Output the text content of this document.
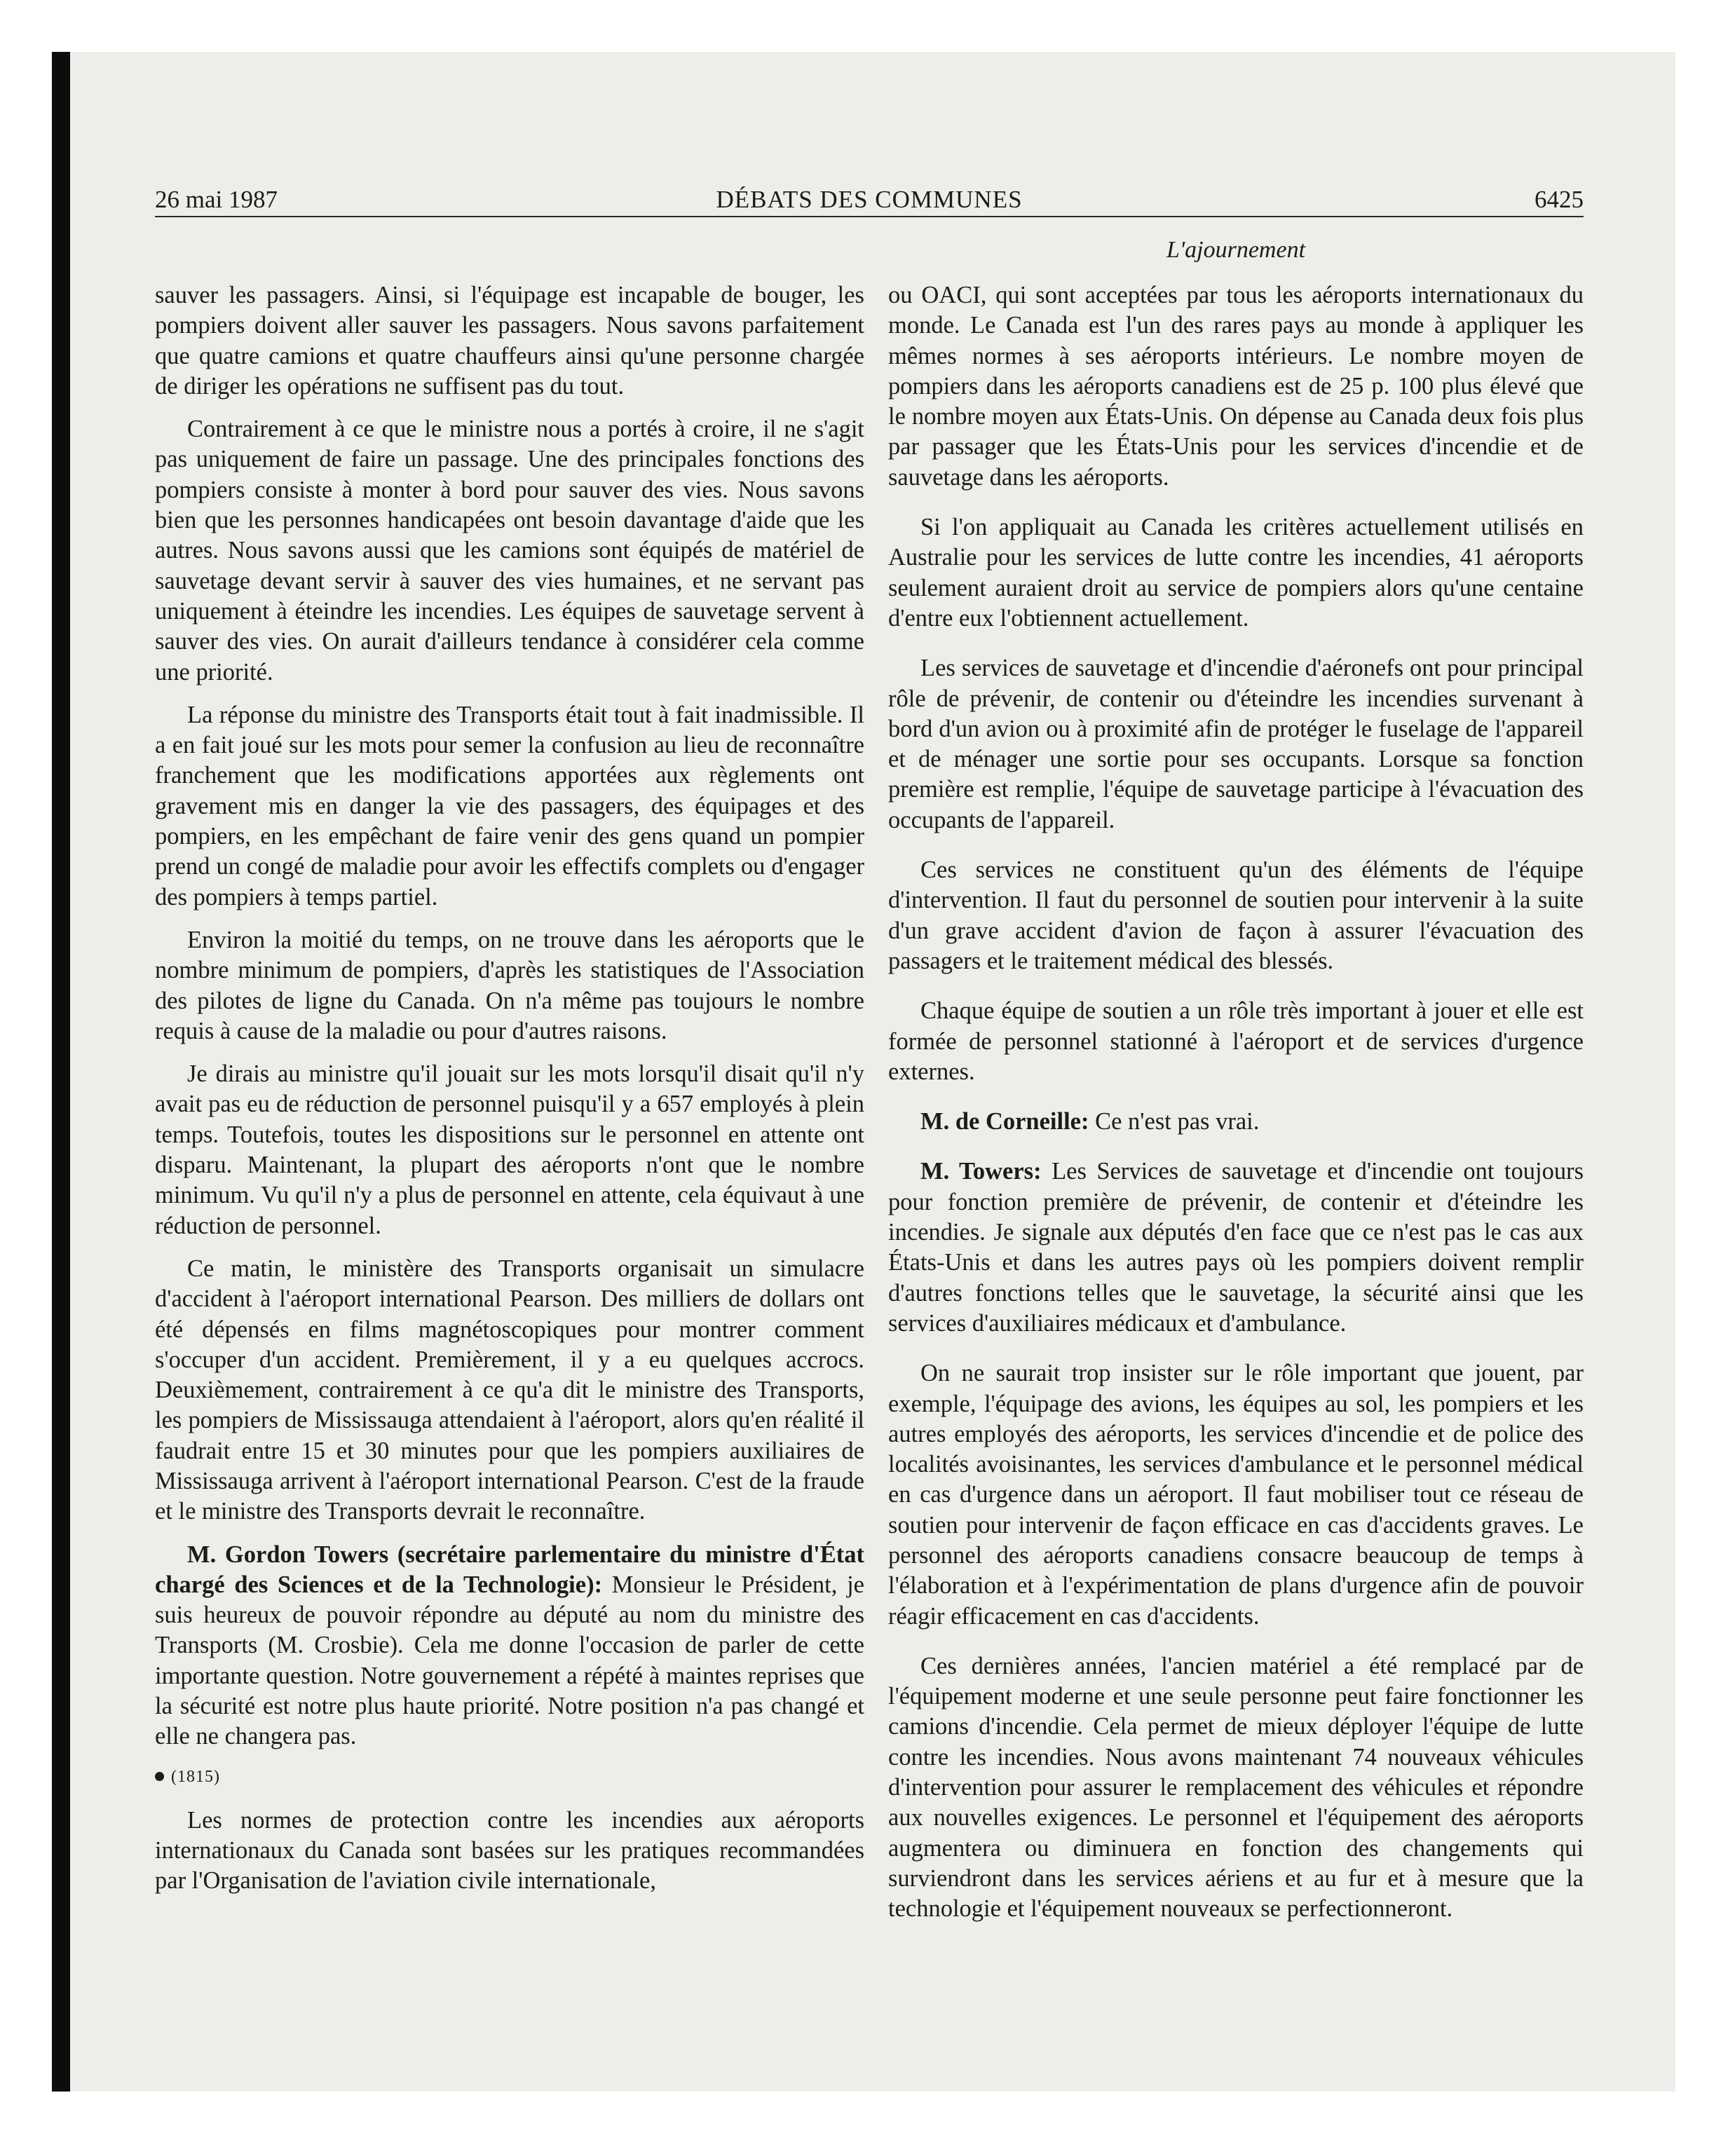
26 mai 1987	DÉBATS DES COMMUNES	6425
L'ajournement

sauver les passagers. Ainsi, si l'équipage est incapable de bouger, les pompiers doivent aller sauver les passagers. Nous savons parfaitement que quatre camions et quatre chauffeurs ainsi qu'une personne chargée de diriger les opérations ne suffisent pas du tout.

Contrairement à ce que le ministre nous a portés à croire, il ne s'agit pas uniquement de faire un passage. Une des principales fonctions des pompiers consiste à monter à bord pour sauver des vies. Nous savons bien que les personnes handicapées ont besoin davantage d'aide que les autres. Nous savons aussi que les camions sont équipés de matériel de sauvetage devant servir à sauver des vies humaines, et ne servant pas uniquement à éteindre les incendies. Les équipes de sauvetage servent à sauver des vies. On aurait d'ailleurs tendance à considérer cela comme une priorité.

La réponse du ministre des Transports était tout à fait inadmissible. Il a en fait joué sur les mots pour semer la confusion au lieu de reconnaître franchement que les modifications apportées aux règlements ont gravement mis en danger la vie des passagers, des équipages et des pompiers, en les empêchant de faire venir des gens quand un pompier prend un congé de maladie pour avoir les effectifs complets ou d'engager des pompiers à temps partiel.

Environ la moitié du temps, on ne trouve dans les aéroports que le nombre minimum de pompiers, d'après les statistiques de l'Association des pilotes de ligne du Canada. On n'a même pas toujours le nombre requis à cause de la maladie ou pour d'autres raisons.

Je dirais au ministre qu'il jouait sur les mots lorsqu'il disait qu'il n'y avait pas eu de réduction de personnel puisqu'il y a 657 employés à plein temps. Toutefois, toutes les dispositions sur le personnel en attente ont disparu. Maintenant, la plupart des aéroports n'ont que le nombre minimum. Vu qu'il n'y a plus de personnel en attente, cela équivaut à une réduction de personnel.

Ce matin, le ministère des Transports organisait un simulacre d'accident à l'aéroport international Pearson. Des milliers de dollars ont été dépensés en films magnétoscopiques pour montrer comment s'occuper d'un accident. Premièrement, il y a eu quelques accrocs. Deuxièmement, contrairement à ce qu'a dit le ministre des Transports, les pompiers de Mississauga attendaient à l'aéroport, alors qu'en réalité il faudrait entre 15 et 30 minutes pour que les pompiers auxiliaires de Mississauga arrivent à l'aéroport international Pearson. C'est de la fraude et le ministre des Transports devrait le reconnaître.

M. Gordon Towers (secrétaire parlementaire du ministre d'État chargé des Sciences et de la Technologie): Monsieur le Président, je suis heureux de pouvoir répondre au député au nom du ministre des Transports (M. Crosbie). Cela me donne l'occasion de parler de cette importante question. Notre gouvernement a répété à maintes reprises que la sécurité est notre plus haute priorité. Notre position n'a pas changé et elle ne changera pas.

(1815)

Les normes de protection contre les incendies aux aéroports internationaux du Canada sont basées sur les pratiques recommandées par l'Organisation de l'aviation civile internationale,

ou OACI, qui sont acceptées par tous les aéroports internationaux du monde. Le Canada est l'un des rares pays au monde à appliquer les mêmes normes à ses aéroports intérieurs. Le nombre moyen de pompiers dans les aéroports canadiens est de 25 p. 100 plus élevé que le nombre moyen aux États-Unis. On dépense au Canada deux fois plus par passager que les États-Unis pour les services d'incendie et de sauvetage dans les aéroports.

Si l'on appliquait au Canada les critères actuellement utilisés en Australie pour les services de lutte contre les incendies, 41 aéroports seulement auraient droit au service de pompiers alors qu'une centaine d'entre eux l'obtiennent actuellement.

Les services de sauvetage et d'incendie d'aéronefs ont pour principal rôle de prévenir, de contenir ou d'éteindre les incendies survenant à bord d'un avion ou à proximité afin de protéger le fuselage de l'appareil et de ménager une sortie pour ses occupants. Lorsque sa fonction première est remplie, l'équipe de sauvetage participe à l'évacuation des occupants de l'appareil.

Ces services ne constituent qu'un des éléments de l'équipe d'intervention. Il faut du personnel de soutien pour intervenir à la suite d'un grave accident d'avion de façon à assurer l'évacuation des passagers et le traitement médical des blessés.

Chaque équipe de soutien a un rôle très important à jouer et elle est formée de personnel stationné à l'aéroport et de services d'urgence externes.

M. de Corneille: Ce n'est pas vrai.

M. Towers: Les Services de sauvetage et d'incendie ont toujours pour fonction première de prévenir, de contenir et d'éteindre les incendies. Je signale aux députés d'en face que ce n'est pas le cas aux États-Unis et dans les autres pays où les pompiers doivent remplir d'autres fonctions telles que le sauvetage, la sécurité ainsi que les services d'auxiliaires médicaux et d'ambulance.

On ne saurait trop insister sur le rôle important que jouent, par exemple, l'équipage des avions, les équipes au sol, les pompiers et les autres employés des aéroports, les services d'incendie et de police des localités avoisinantes, les services d'ambulance et le personnel médical en cas d'urgence dans un aéroport. Il faut mobiliser tout ce réseau de soutien pour intervenir de façon efficace en cas d'accidents graves. Le personnel des aéroports canadiens consacre beaucoup de temps à l'élaboration et à l'expérimentation de plans d'urgence afin de pouvoir réagir efficacement en cas d'accidents.

Ces dernières années, l'ancien matériel a été remplacé par de l'équipement moderne et une seule personne peut faire fonctionner les camions d'incendie. Cela permet de mieux déployer l'équipe de lutte contre les incendies. Nous avons maintenant 74 nouveaux véhicules d'intervention pour assurer le remplacement des véhicules et répondre aux nouvelles exigences. Le personnel et l'équipement des aéroports augmentera ou diminuera en fonction des changements qui surviendront dans les services aériens et au fur et à mesure que la technologie et l'équipement nouveaux se perfectionneront.
